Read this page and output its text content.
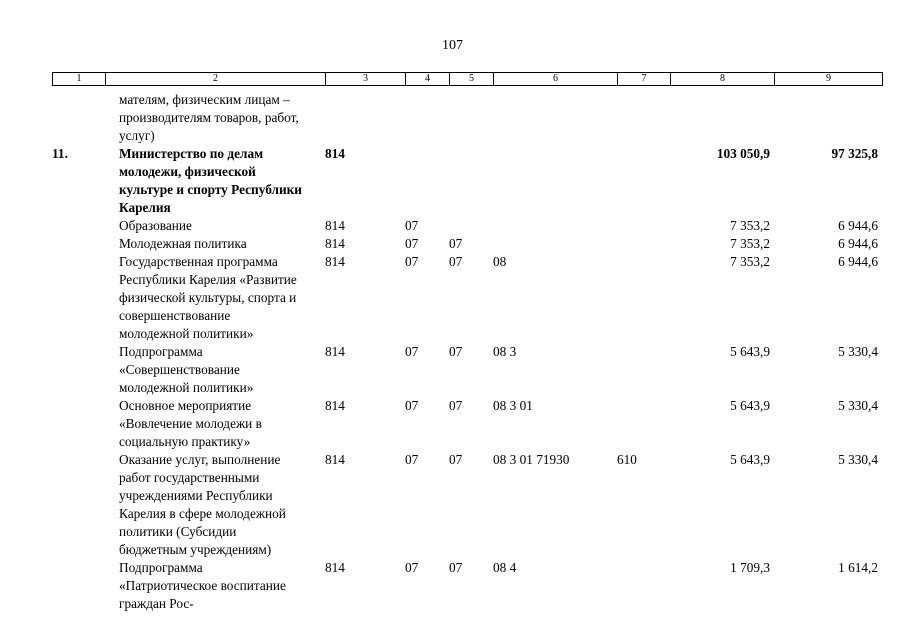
107
1	2	3	4	5	6	7	8	9
	мателям, физическим лицам – производителям товаров, работ, услуг)							
11.	Министерство по делам молодежи, физической культуре и спорту Республики Карелия	814					103 050,9	97 325,8
	Образование	814	07				7 353,2	6 944,6
	Молодежная политика	814	07	07			7 353,2	6 944,6
	Государственная программа Республики Карелия «Развитие физической культуры, спорта и совершенствование молодежной политики»	814	07	07	08		7 353,2	6 944,6
	Подпрограмма «Совершенствование молодежной политики»	814	07	07	08 3		5 643,9	5 330,4
	Основное мероприятие «Вовлечение молодежи в социальную практику»	814	07	07	08 3 01		5 643,9	5 330,4
	Оказание услуг, выполнение работ государственными учреждениями Республики Карелия в сфере молодежной политики (Субсидии бюджетным учреждениям)	814	07	07	08 3 01 71930	610	5 643,9	5 330,4
	Подпрограмма «Патриотическое воспитание граждан Рос-	814	07	07	08 4		1 709,3	1 614,2
